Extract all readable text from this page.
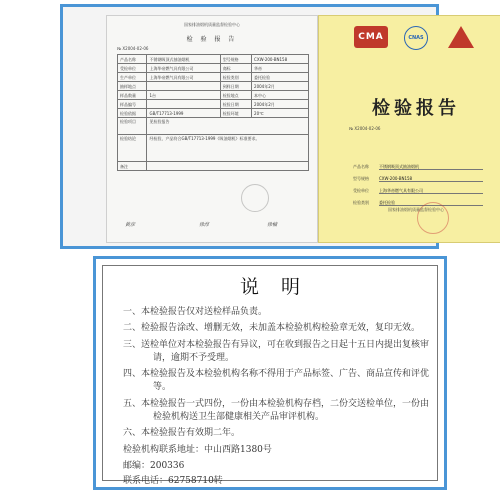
国家排油烟机质量监督检验中心
检 验 报 告
№ X2004-02-06
产品名称	不锈钢吸顶式抽油烟机	型号规格	CXW-200-BN158
受检单位	上海华帝燃气具有限公司	商标	华帝
生产单位	上海华帝燃气具有限公司	检验类别	委托检验
抽样地点		到样日期	2004年2月
样品数量	1台	检验地点	本中心
样品编号		检验日期	2004年2月
检验依据	GB/T17713-1999	检验环境	20℃
检验项目	见检验报告		
检验结论	经检验，产品符合GB/T17713-1999《吸油烟机》标准要求。		
备注			
黄彦	徐淳	徐楠
CMA	CNAS
检验报告
№ X2004-02-06
产品名称	不锈钢吸顶式抽油烟机
型号规格	CXW-200-BN158
受检单位	上海华帝燃气具有限公司
检验类别	委托检验
国家排油烟机质量监督检验中心
说明
一、本检验报告仅对送检样品负责。
二、检验报告涂改、增删无效，未加盖本检验机构检验章无效，复印无效。
三、送检单位对本检验报告有异议，可在收到报告之日起十五日内提出复核审请，逾期不予受理。
四、本检验报告及本检验机构名称不得用于产品标签、广告、商品宣传和评优等。
五、本检验报告一式四份，一份由本检验机构存档，二份交送检单位，一份由检验机构送卫生部健康相关产品审评机构。
六、本检验报告有效期二年。
检验机构联系地址：中山西路1380号
邮编：200336
联系电话：62758710转
